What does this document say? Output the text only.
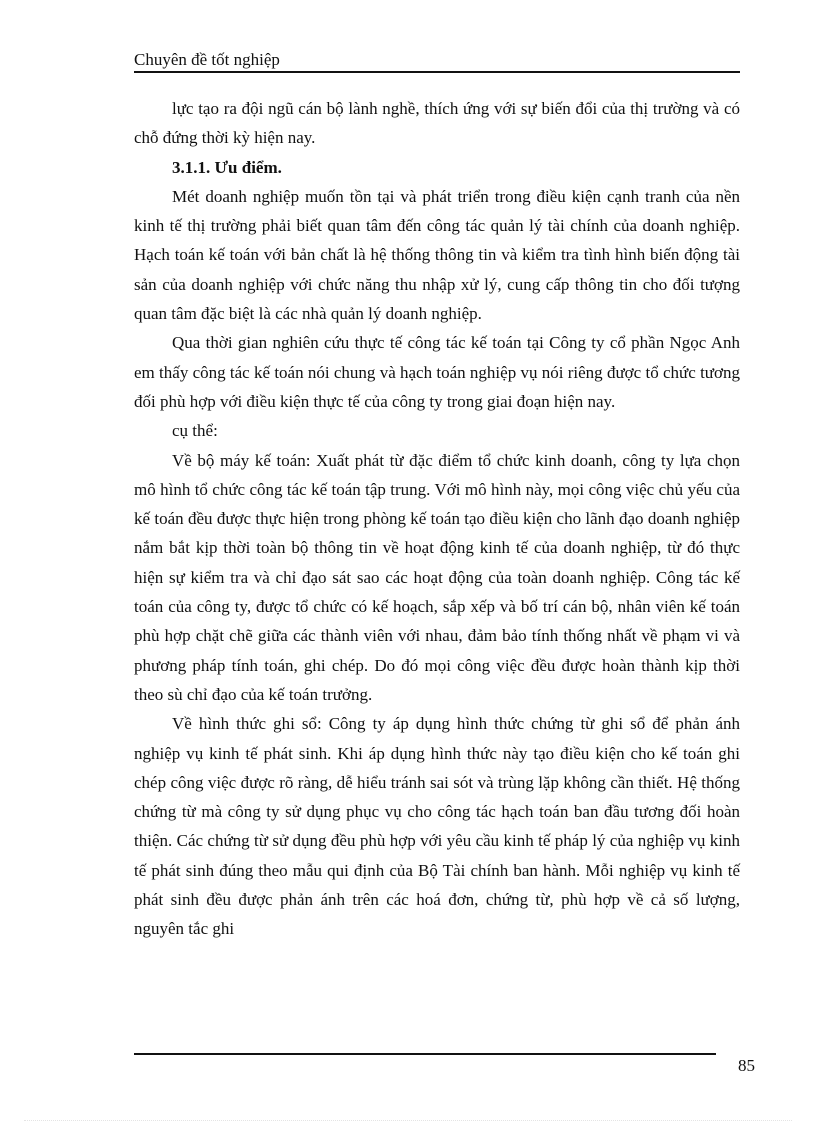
Chuyên đề tốt nghiệp

lực tạo ra đội ngũ cán bộ lành nghề, thích ứng với sự biến đổi của thị trường và có chỗ đứng thời kỳ hiện nay.

3.1.1. Ưu điểm.

Mét doanh nghiệp muốn tồn tại và phát triển trong điều kiện cạnh tranh của nền kinh tế thị trường phải biết quan tâm đến công tác quản lý tài chính của doanh nghiệp. Hạch toán kế toán với bản chất là hệ thống thông tin và kiểm tra tình hình biến động tài sản của doanh nghiệp với chức năng thu nhập xử lý, cung cấp thông tin cho đối tượng quan tâm đặc biệt là các nhà quản lý doanh nghiệp.

Qua thời gian nghiên cứu thực tế công tác kế toán tại Công ty cổ phần Ngọc Anh em thấy công tác kế toán nói chung và hạch toán nghiệp vụ nói riêng được tổ chức tương đối phù hợp với điều kiện thực tế của công ty trong giai đoạn hiện nay.

cụ thể:

Về bộ máy kế toán: Xuất phát từ đặc điểm tổ chức kinh doanh, công ty lựa chọn mô hình tổ chức công tác kế toán tập trung. Với mô hình này, mọi công việc chủ yếu của kế toán đều được thực hiện trong phòng kế toán tạo điều kiện cho lãnh đạo doanh nghiệp nắm bắt kịp thời toàn bộ thông tin về hoạt động kinh tế của doanh nghiệp, từ đó thực hiện sự kiểm tra và chỉ đạo sát sao các hoạt động của toàn doanh nghiệp. Công tác kế toán của công ty, được tổ chức có kế hoạch, sắp xếp và bố trí cán bộ, nhân viên kế toán phù hợp chặt chẽ giữa các thành viên với nhau, đảm bảo tính thống nhất về phạm vi và phương pháp tính toán, ghi chép. Do đó mọi công việc đều được hoàn thành kịp thời theo sù chỉ đạo của kế toán trưởng.

Về hình thức ghi sổ: Công ty áp dụng hình thức chứng từ ghi sổ để phản ánh nghiệp vụ kinh tế phát sinh. Khi áp dụng hình thức này tạo điều kiện cho kế toán ghi chép công việc được rõ ràng, dễ hiểu tránh sai sót và trùng lặp không cần thiết. Hệ thống chứng từ mà công ty sử dụng phục vụ cho công tác hạch toán ban đầu tương đối hoàn thiện. Các chứng từ sử dụng đều phù hợp với yêu cầu kinh tế pháp lý của nghiệp vụ kinh tế phát sinh đúng theo mẫu qui định của Bộ Tài chính ban hành. Mỗi nghiệp vụ kinh tế phát sinh đều được phản ánh trên các hoá đơn, chứng từ, phù hợp về cả số lượng, nguyên tắc ghi

85
